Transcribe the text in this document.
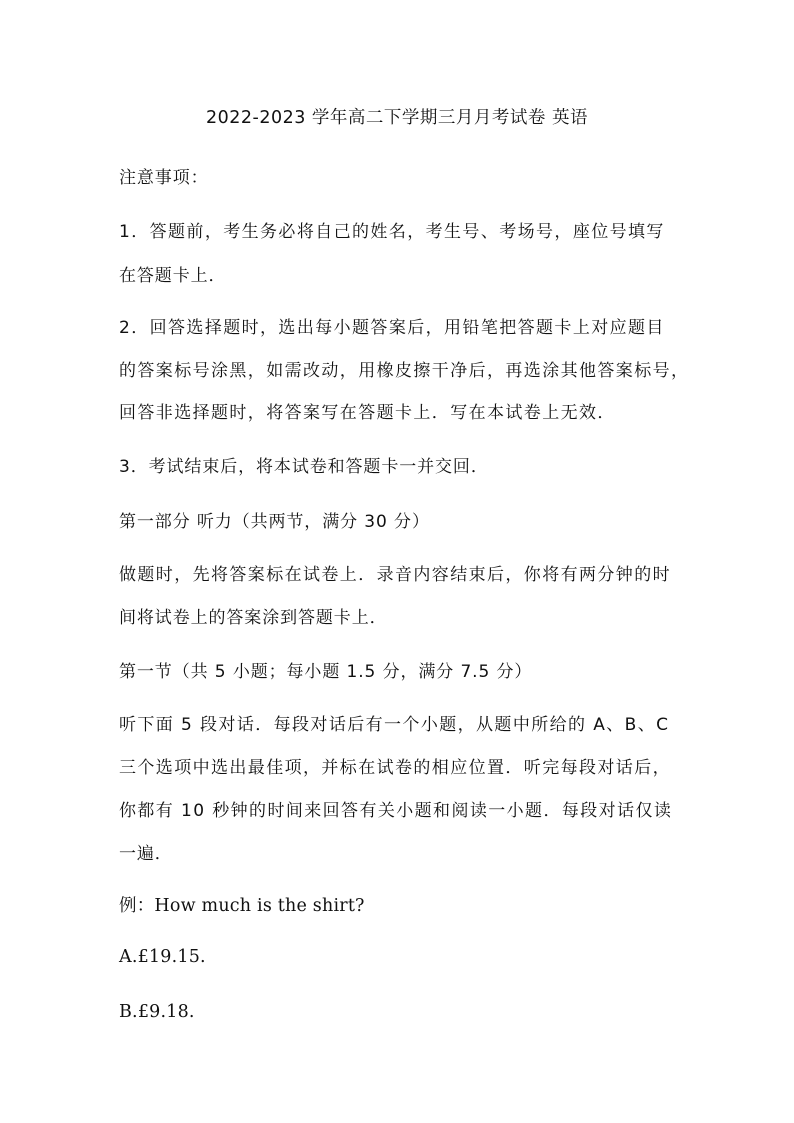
2022-2023 学年高二下学期三月月考试卷 英语
注意事项：
1．答题前，考生务必将自己的姓名，考生号、考场号，座位号填写
在答题卡上．
2．回答选择题时，选出每小题答案后，用铅笔把答题卡上对应题目
的答案标号涂黑，如需改动，用橡皮擦干净后，再选涂其他答案标号，
回答非选择题时，将答案写在答题卡上．写在本试卷上无效．
3．考试结束后，将本试卷和答题卡一并交回．
第一部分 听力（共两节，满分 30 分）
做题时，先将答案标在试卷上．录音内容结束后，你将有两分钟的时
间将试卷上的答案涂到答题卡上．
第一节（共 5 小题；每小题 1.5 分，满分 7.5 分）
听下面 5 段对话．每段对话后有一个小题，从题中所给的 A、B、C
三个选项中选出最佳项，并标在试卷的相应位置．听完每段对话后，
你都有 10 秒钟的时间来回答有关小题和阅读一小题．每段对话仅读
一遍．
例：How much is the shirt?
A.£19.15.
B.£9.18.
